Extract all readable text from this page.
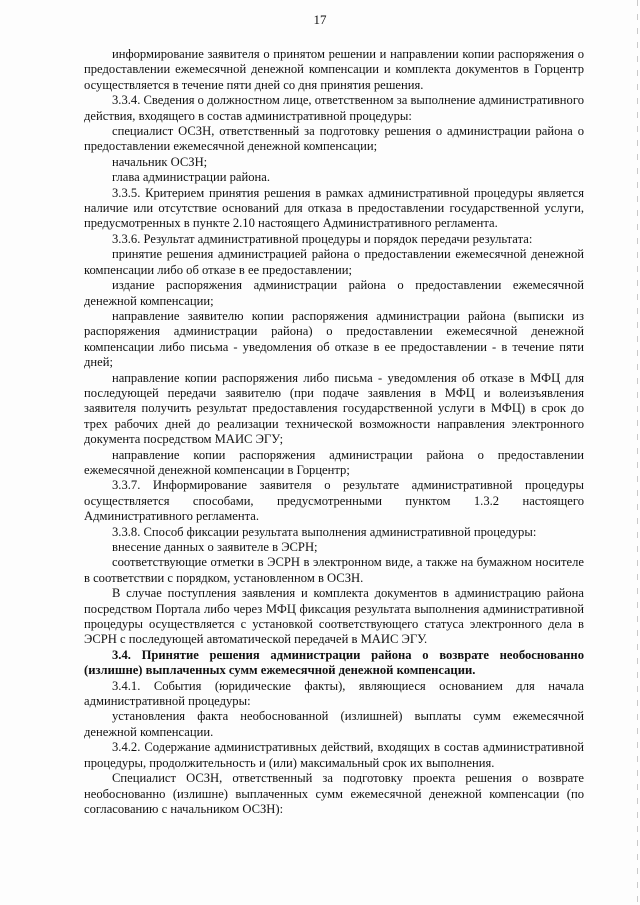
17

информирование заявителя о принятом решении и направлении копии распоряжения о предоставлении ежемесячной денежной компенсации и комплекта документов в Горцентр осуществляется в течение пяти дней со дня принятия решения.

3.3.4. Сведения о должностном лице, ответственном за выполнение административного действия, входящего в состав административной процедуры:

специалист ОСЗН, ответственный за подготовку решения о администрации района о предоставлении ежемесячной денежной компенсации;

начальник ОСЗН;

глава администрации района.

3.3.5. Критерием принятия решения в рамках административной процедуры является наличие или отсутствие оснований для отказа в предоставлении государственной услуги, предусмотренных в пункте 2.10 настоящего Административного регламента.

3.3.6. Результат административной процедуры и порядок передачи результата:

принятие решения администрацией района о предоставлении ежемесячной денежной компенсации либо об отказе в ее предоставлении;

издание распоряжения администрации района о предоставлении ежемесячной денежной компенсации;

направление заявителю копии распоряжения администрации района (выписки из распоряжения администрации района) о предоставлении ежемесячной денежной компенсации либо письма - уведомления об отказе в ее предоставлении - в течение пяти дней;

направление копии распоряжения либо письма - уведомления об отказе в МФЦ для последующей передачи заявителю (при подаче заявления в МФЦ и волеизъявления заявителя получить результат предоставления государственной услуги в МФЦ) в срок до трех рабочих дней до реализации технической возможности направления электронного документа посредством МАИС ЭГУ;

направление копии распоряжения администрации района о предоставлении ежемесячной денежной компенсации в Горцентр;

3.3.7. Информирование заявителя о результате административной процедуры осуществляется способами, предусмотренными пунктом 1.3.2 настоящего Административного регламента.

3.3.8. Способ фиксации результата выполнения административной процедуры:

внесение данных о заявителе в ЭСРН;

соответствующие отметки в ЭСРН в электронном виде, а также на бумажном носителе в соответствии с порядком, установленном в ОСЗН.

В случае поступления заявления и комплекта документов в администрацию района посредством Портала либо через МФЦ фиксация результата выполнения административной процедуры осуществляется с установкой соответствующего статуса электронного дела в ЭСРН с последующей автоматической передачей в МАИС ЭГУ.

3.4. Принятие решения администрации района о возврате необоснованно (излишне) выплаченных сумм ежемесячной денежной компенсации.

3.4.1. События (юридические факты), являющиеся основанием для начала административной процедуры:

установления факта необоснованной (излишней) выплаты сумм ежемесячной денежной компенсации.

3.4.2. Содержание административных действий, входящих в состав административной процедуры, продолжительность и (или) максимальный срок их выполнения.

Специалист ОСЗН, ответственный за подготовку проекта решения о возврате необоснованно (излишне) выплаченных сумм ежемесячной денежной компенсации (по согласованию с начальником ОСЗН):
